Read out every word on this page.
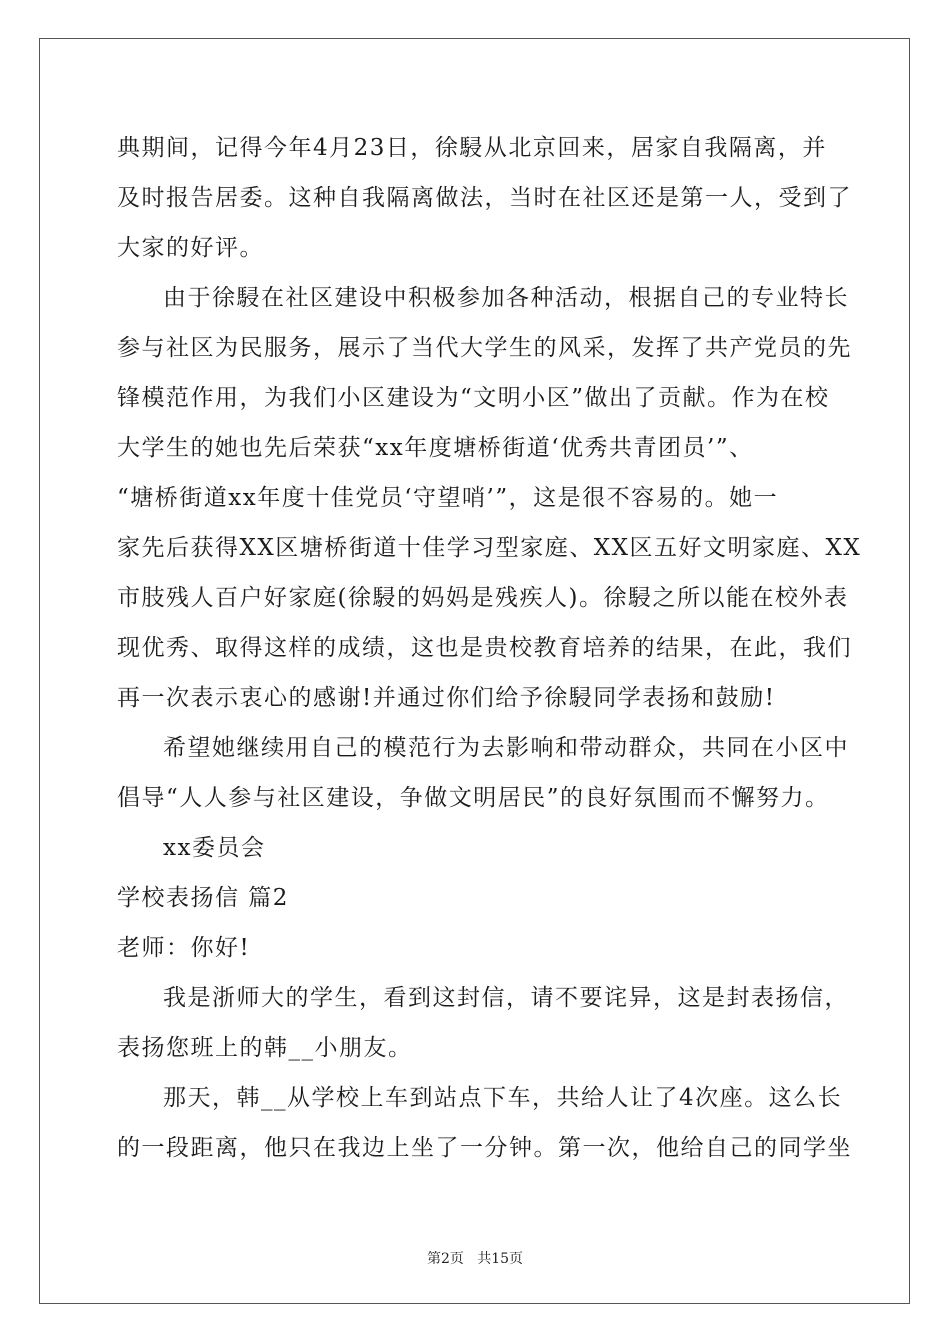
典期间，记得今年4月23日，徐駸从北京回来，居家自我隔离，并
及时报告居委。这种自我隔离做法，当时在社区还是第一人，受到了
大家的好评。
由于徐駸在社区建设中积极参加各种活动，根据自己的专业特长
参与社区为民服务，展示了当代大学生的风采，发挥了共产党员的先
锋模范作用，为我们小区建设为“文明小区”做出了贡献。作为在校
大学生的她也先后荣获“xx年度塘桥街道‘优秀共青团员’”、
“塘桥街道xx年度十佳党员‘守望哨’”，这是很不容易的。她一
家先后获得XX区塘桥街道十佳学习型家庭、XX区五好文明家庭、XX
市肢残人百户好家庭(徐駸的妈妈是残疾人)。徐駸之所以能在校外表
现优秀、取得这样的成绩，这也是贵校教育培养的结果，在此，我们
再一次表示衷心的感谢!并通过你们给予徐駸同学表扬和鼓励!
希望她继续用自己的模范行为去影响和带动群众，共同在小区中
倡导“人人参与社区建设，争做文明居民”的良好氛围而不懈努力。
xx委员会
学校表扬信 篇2
老师：你好!
我是浙师大的学生，看到这封信，请不要诧异，这是封表扬信，
表扬您班上的韩__小朋友。
那天，韩__从学校上车到站点下车，共给人让了4次座。这么长
的一段距离，他只在我边上坐了一分钟。第一次，他给自己的同学坐
第2页   共15页
